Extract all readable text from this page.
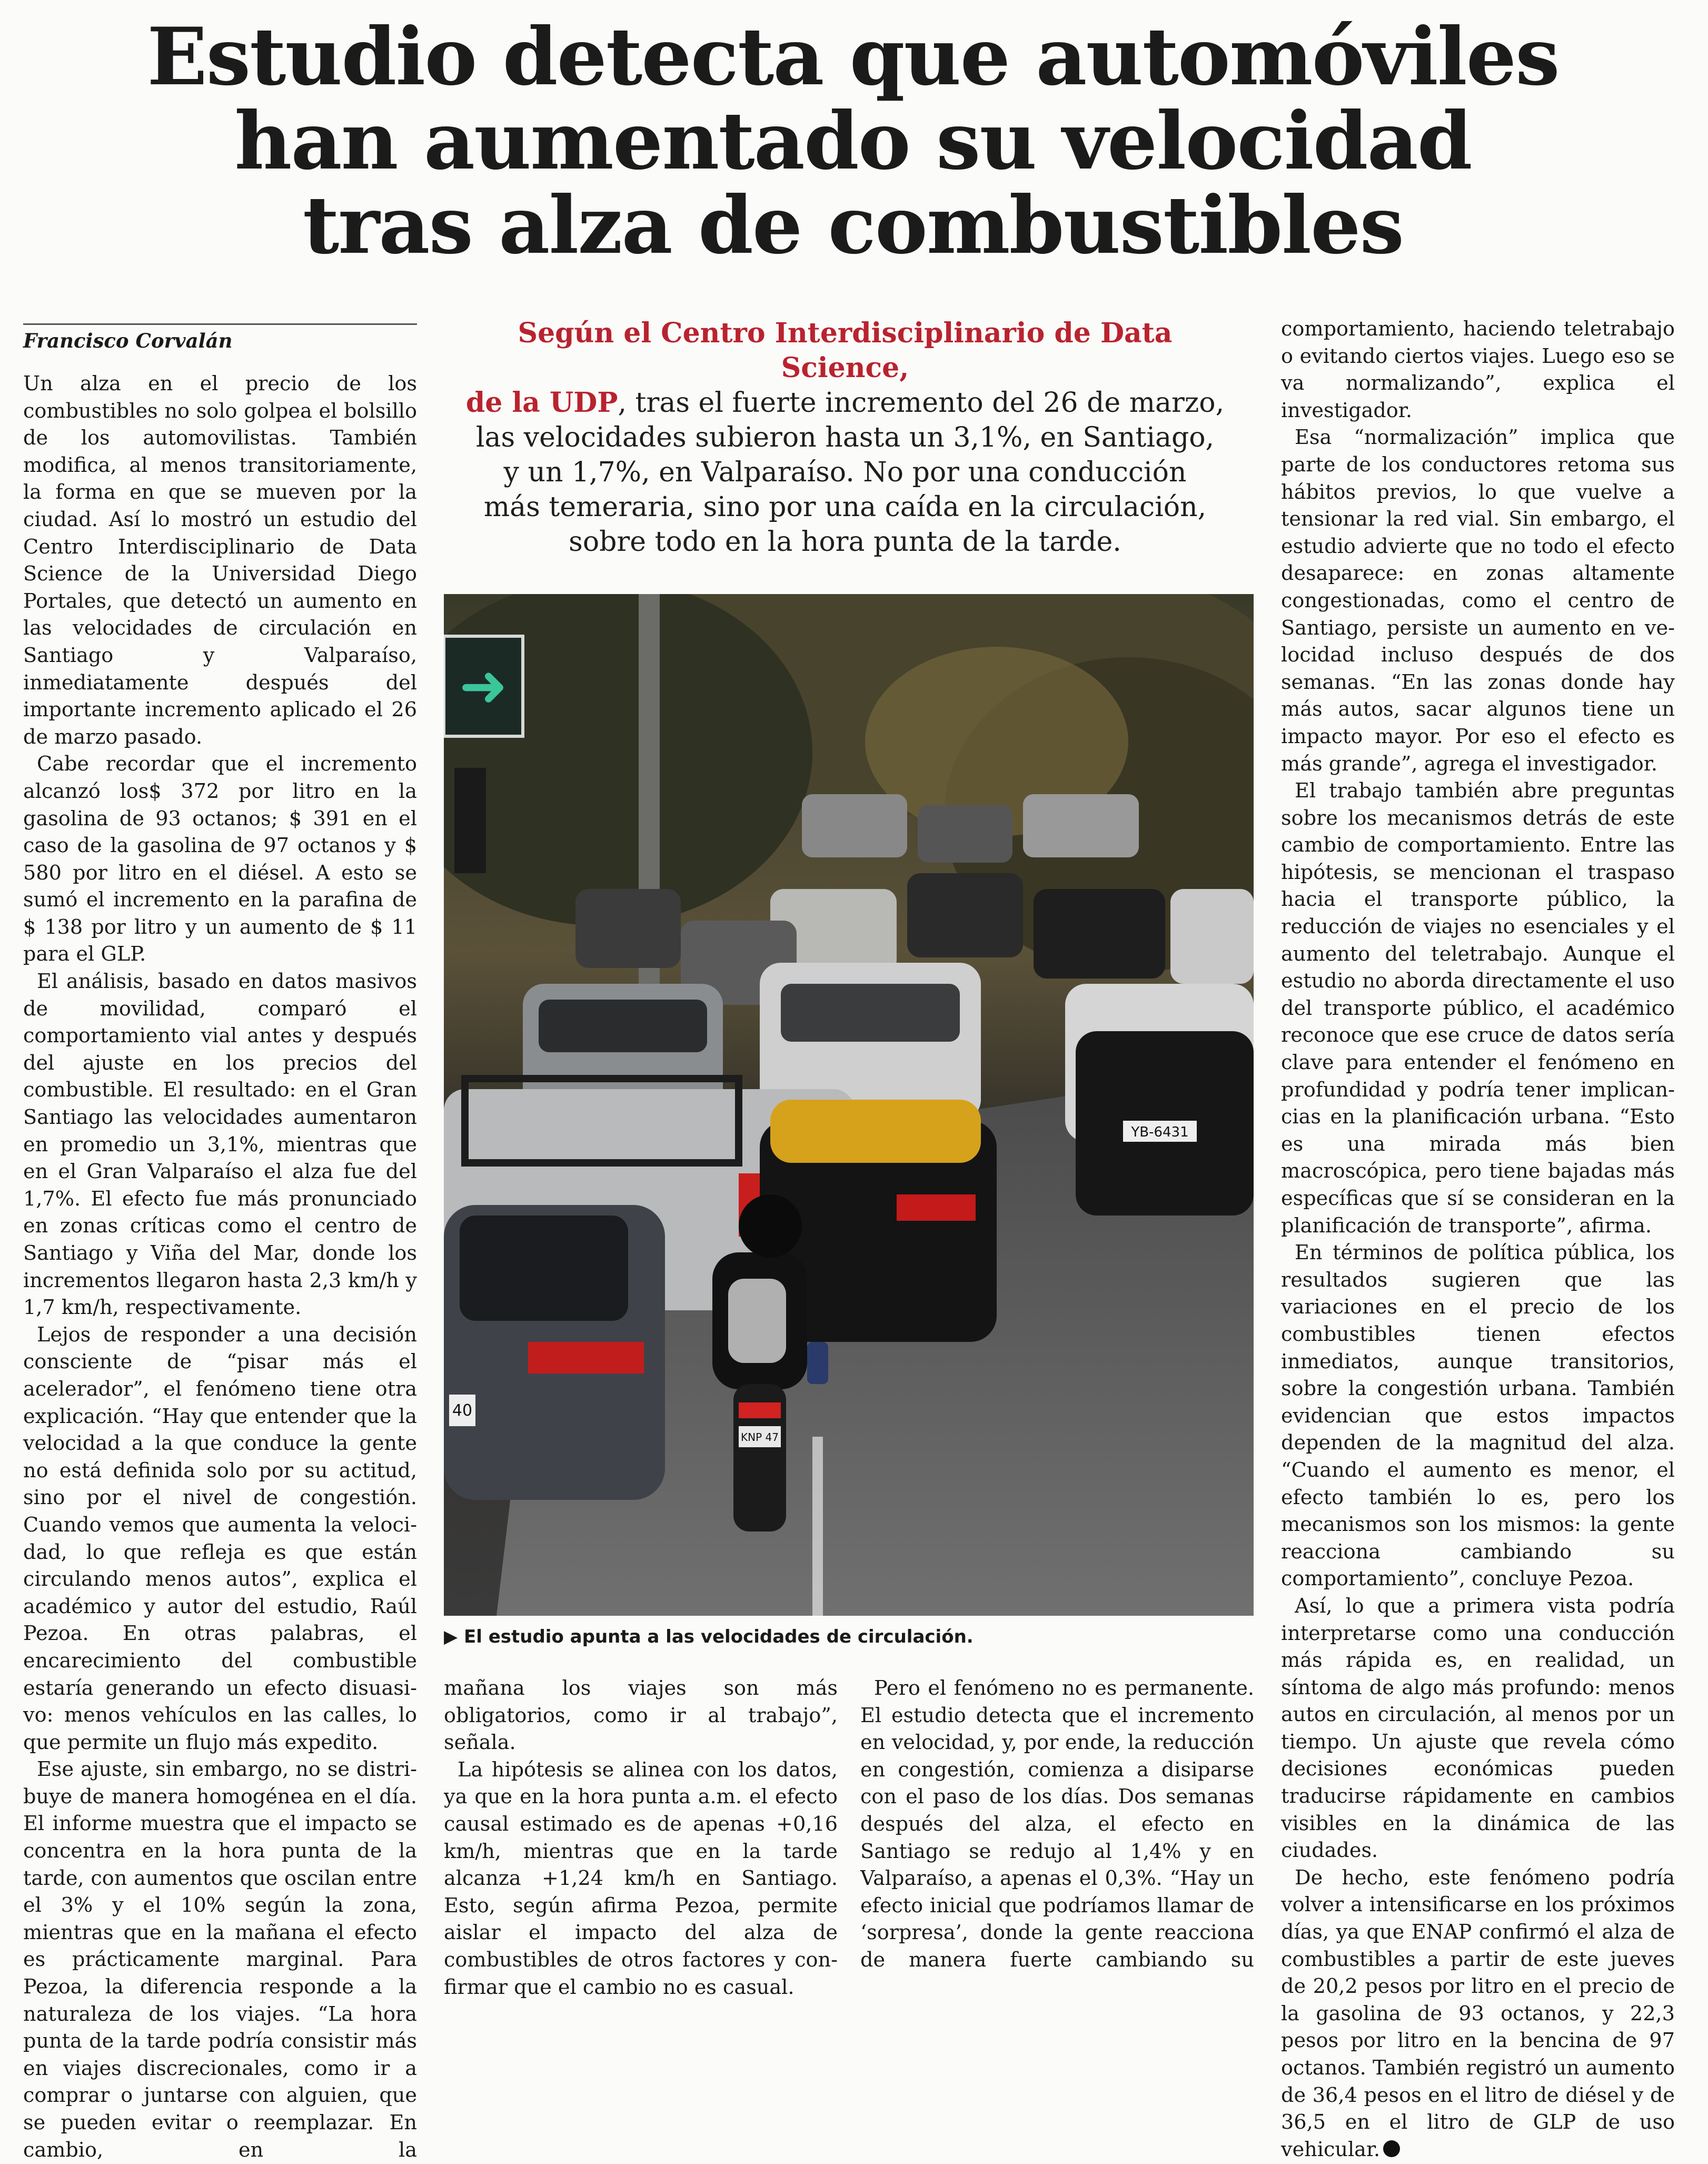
Estudio detecta que automóviles
han aumentado su velocidad
tras alza de combustibles
Francisco Corvalán

Un alza en el precio de los combustibles no solo golpea el bolsillo de los automovilistas. También modifica, al menos transitoriamente, la forma en que se mueven por la ciudad. Así lo mostró un estudio del Centro Interdisciplinario de Data Science de la Universidad Diego Portales, que detectó un aumento en las velocidades de circulación en Santiago y Valparaíso, inmediatamente después del importante incremento aplicado el 26 de marzo pasado.

Cabe recordar que el incremento alcanzó los$ 372 por litro en la gasolina de 93 octanos; $ 391 en el caso de la gasolina de 97 octanos y $ 580 por litro en el diésel. A esto se sumó el incremento en la parafina de $ 138 por litro y un aumento de $ 11 para el GLP.

El análisis, basado en datos masivos de movilidad, comparó el comportamiento vial antes y después del ajuste en los precios del combustible. El resultado: en el Gran Santiago las velocidades aumentaron en promedio un 3,1%, mientras que en el Gran Valparaíso el alza fue del 1,7%. El efecto fue más pronunciado en zonas críticas como el centro de Santiago y Viña del Mar, donde los incrementos llegaron hasta 2,3 km/h y 1,7 km/h, respectivamente.

Lejos de responder a una decisión consciente de “pisar más el acelerador”, el fenómeno tiene otra explicación. “Hay que entender que la velocidad a la que conduce la gente no está definida solo por su actitud, sino por el nivel de congestión. Cuando vemos que aumenta la velocidad, lo que refleja es que están circulando menos autos”, explica el académico y autor del estudio, Raúl Pezoa. En otras palabras, el encarecimiento del combustible estaría generando un efecto disuasivo: menos vehículos en las calles, lo que permite un flujo más expedito.

Ese ajuste, sin embargo, no se distribuye de manera homogénea en el día. El informe muestra que el impacto se concentra en la hora punta de la tarde, con aumentos que oscilan entre el 3% y el 10% según la zona, mientras que en la mañana el efecto es prácticamente marginal. Para Pezoa, la diferencia responde a la naturaleza de los viajes. “La hora punta de la tarde podría consistir más en viajes discrecionales, como ir a comprar o juntarse con alguien, que se pueden evitar o reemplazar. En cambio, en la

Según el Centro Interdisciplinario de Data Science,
de la UDP, tras el fuerte incremento del 26 de marzo,
las velocidades subieron hasta un 3,1%, en Santiago,
y un 1,7%, en Valparaíso. No por una conducción
más temeraria, sino por una caída en la circulación,
sobre todo en la hora punta de la tarde.
➜
YB-6431
40
KNP 47
▶ El estudio apunta a las velocidades de circulación.

mañana los viajes son más obligatorios, como ir al trabajo”, señala.

La hipótesis se alinea con los datos, ya que en la hora punta a.m. el efecto causal estimado es de apenas +0,16 km/h, mientras que en la tarde alcanza +1,24 km/h en Santiago. Esto, según afirma Pezoa, permite aislar el impacto del alza de combustibles de otros factores y confirmar que el cambio no es casual.

Pero el fenómeno no es permanente. El estudio detecta que el incremento en velocidad, y, por ende, la reducción en congestión, comienza a disiparse con el paso de los días. Dos semanas después del alza, el efecto en Santiago se redujo al 1,4% y en Valparaíso, a apenas el 0,3%. “Hay un efecto inicial que podríamos llamar de ‘sorpresa’, donde la gente reacciona de manera fuerte cambiando su

comportamiento, haciendo teletrabajo o evitando ciertos viajes. Luego eso se va normalizando”, explica el investigador.

Esa “normalización” implica que parte de los conductores retoma sus hábitos previos, lo que vuelve a tensionar la red vial. Sin embargo, el estudio advierte que no todo el efecto desaparece: en zonas altamente congestionadas, como el centro de Santiago, persiste un aumento en velocidad incluso después de dos semanas. “En las zonas donde hay más autos, sacar algunos tiene un impacto mayor. Por eso el efecto es más grande”, agrega el investigador.

El trabajo también abre preguntas sobre los mecanismos detrás de este cambio de comportamiento. Entre las hipótesis, se mencionan el traspaso hacia el transporte público, la reducción de viajes no esenciales y el aumento del teletrabajo. Aunque el estudio no aborda directamente el uso del transporte público, el académico reconoce que ese cruce de datos sería clave para entender el fenómeno en profundidad y podría tener implicancias en la planificación urbana. “Esto es una mirada más bien macroscópica, pero tiene bajadas más específicas que sí se consideran en la planificación de transporte”, afirma.

En términos de política pública, los resultados sugieren que las variaciones en el precio de los combustibles tienen efectos inmediatos, aunque transitorios, sobre la congestión urbana. También evidencian que estos impactos dependen de la magnitud del alza. “Cuando el aumento es menor, el efecto también lo es, pero los mecanismos son los mismos: la gente reacciona cambiando su comportamiento”, concluye Pezoa.

Así, lo que a primera vista podría interpretarse como una conducción más rápida es, en realidad, un síntoma de algo más profundo: menos autos en circulación, al menos por un tiempo. Un ajuste que revela cómo decisiones económicas pueden traducirse rápidamente en cambios visibles en la dinámica de las ciudades.

De hecho, este fenómeno podría volver a intensificarse en los próximos días, ya que ENAP confirmó el alza de combustibles a partir de este jueves de 20,2 pesos por litro en el precio de la gasolina de 93 octanos, y 22,3 pesos por litro en la bencina de 97 octanos. También registró un aumento de 36,4 pesos en el litro de diésel y de 36,5 en el litro de GLP de uso vehicular.
